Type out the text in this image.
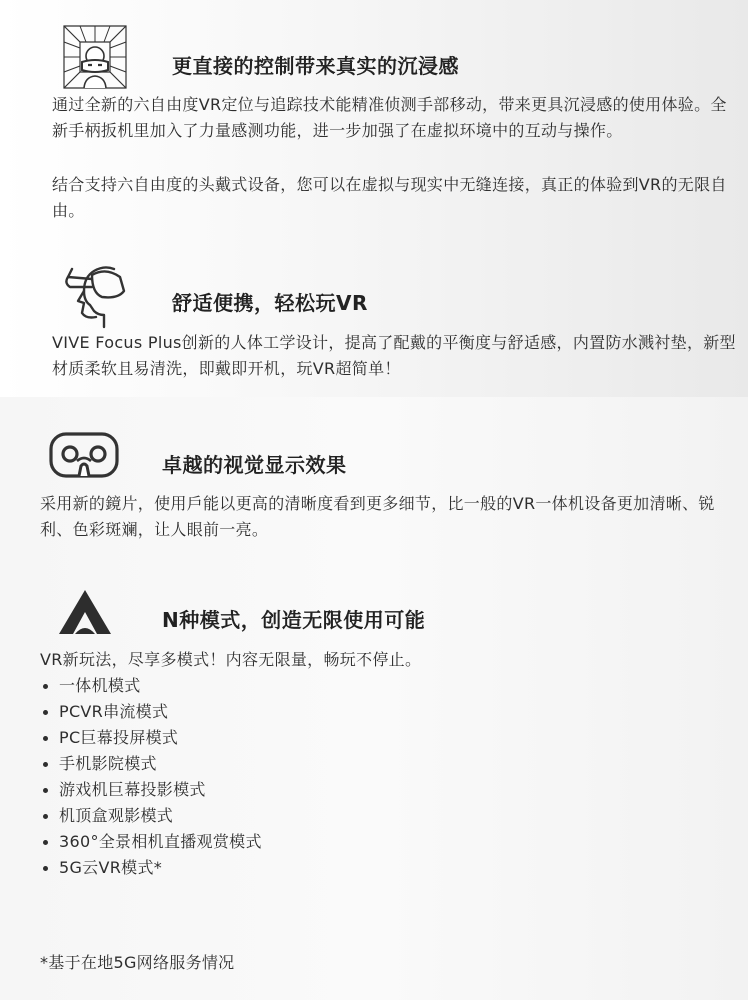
更直接的控制带来真实的沉浸感

通过全新的六自由度VR定位与追踪技术能精准侦测手部移动，带来更具沉浸感的使用体验。全新手柄扳机里加入了力量感测功能，进一步加强了在虚拟环境中的互动与操作。

结合支持六自由度的头戴式设备，您可以在虚拟与现实中无缝连接，真正的体验到VR的无限自由。

舒适便携，轻松玩VR

VIVE Focus Plus创新的人体工学设计，提高了配戴的平衡度与舒适感，内置防水溅衬垫，新型材质柔软且易清洗，即戴即开机，玩VR超简单！

卓越的视觉显示效果

采用新的鏡片，使用戶能以更高的清晰度看到更多细节，比一般的VR一体机设备更加清晰、锐利、色彩斑斓，让人眼前一亮。

N种模式，创造无限使用可能

VR新玩法，尽享多模式！内容无限量，畅玩不停止。

一体机模式
PCVR串流模式
PC巨幕投屏模式
手机影院模式
游戏机巨幕投影模式
机顶盒观影模式
360°全景相机直播观赏模式
5G云VR模式*

*基于在地5G网络服务情况
